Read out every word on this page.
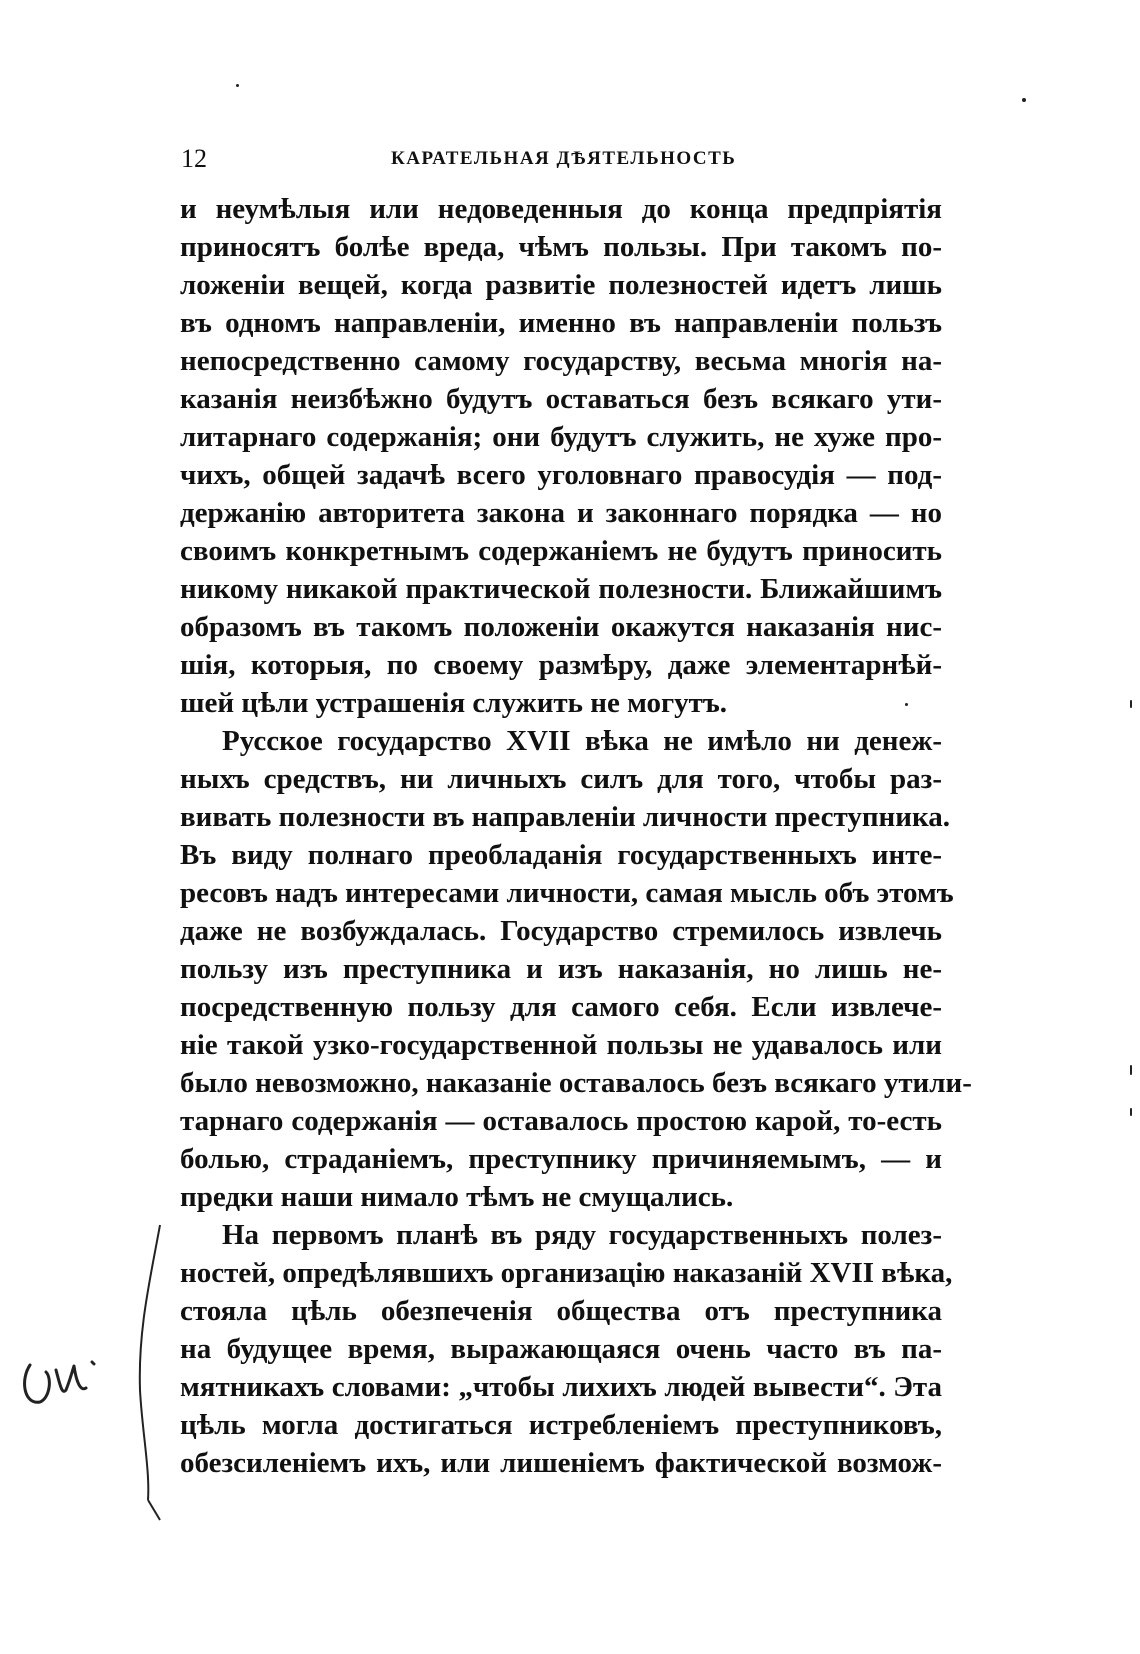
12	КАРАТЕЛЬНАЯ ДѢЯТЕЛЬНОСТЬ
и неумѣлыя или недоведенныя до конца предпріятія
приносятъ болѣе вреда, чѣмъ пользы. При такомъ по-
ложеніи вещей, когда развитіе полезностей идетъ лишь
въ одномъ направленіи, именно въ направленіи пользъ
непосредственно самому государству, весьма многія на-
казанія неизбѣжно будутъ оставаться безъ всякаго ути-
литарнаго содержанія; они будутъ служить, не хуже про-
чихъ, общей задачѣ всего уголовнаго правосудія — под-
держанію авторитета закона и законнаго порядка — но
своимъ конкретнымъ содержаніемъ не будутъ приносить
никому никакой практической полезности. Ближайшимъ
образомъ въ такомъ положеніи окажутся наказанія нис-
шія, которыя, по своему размѣру, даже элементарнѣй-
шей цѣли устрашенія служить не могутъ.
Русское государство XVII вѣка не имѣло ни денеж-
ныхъ средствъ, ни личныхъ силъ для того, чтобы раз-
вивать полезности въ направленіи личности преступника.
Въ виду полнаго преобладанія государственныхъ инте-
ресовъ надъ интересами личности, самая мысль объ этомъ
даже не возбуждалась. Государство стремилось извлечь
пользу изъ преступника и изъ наказанія, но лишь не-
посредственную пользу для самого себя. Если извлече-
ніе такой узко-государственной пользы не удавалось или
было невозможно, наказаніе оставалось безъ всякаго утили-
тарнаго содержанія — оставалось простою карой, то-есть
болью, страданіемъ, преступнику причиняемымъ, — и
предки наши нимало тѣмъ не смущались.
На первомъ планѣ въ ряду государственныхъ полез-
ностей, опредѣлявшихъ организацію наказаній XVII вѣка,
стояла цѣль обезпеченія общества отъ преступника
на будущее время, выражающаяся очень часто въ па-
мятникахъ словами: „чтобы лихихъ людей вывести“. Эта
цѣль могла достигаться истребленіемъ преступниковъ,
обезсиленіемъ ихъ, или лишеніемъ фактической возмож-
